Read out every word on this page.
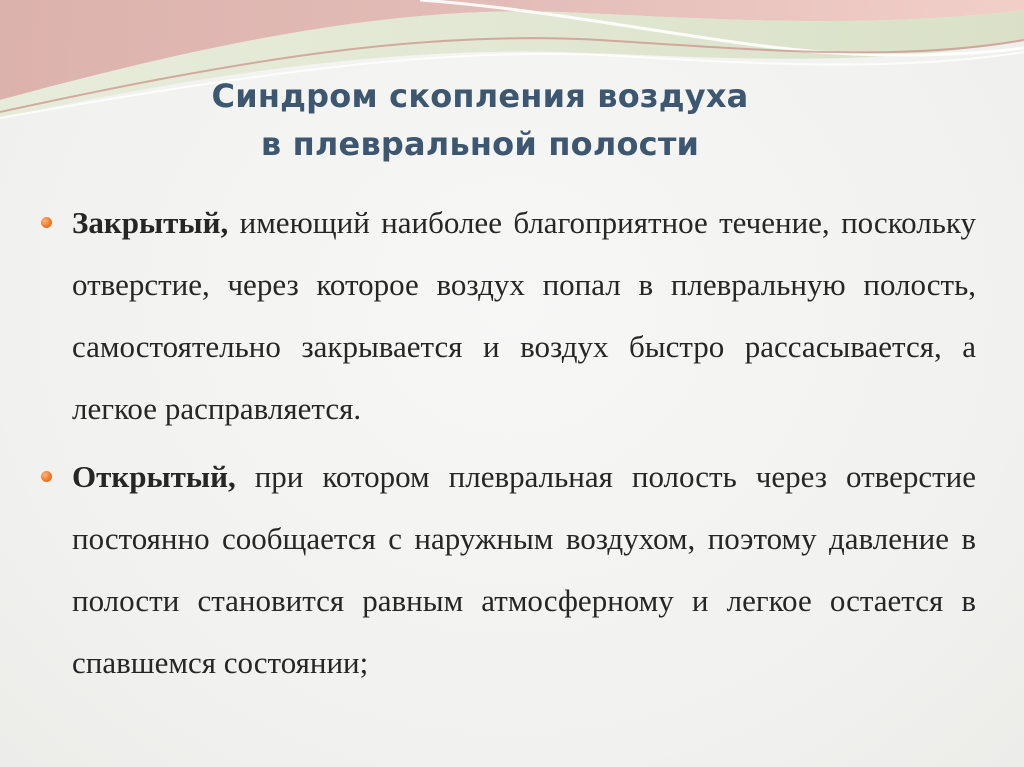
Синдром скопления воздуха
в плевральной полости
Закрытый, имеющий наиболее благоприятное течение, поскольку отверстие, через которое воздух попал в плевральную полость, самостоятельно закрывается и воздух быстро рассасывается, а легкое расправляется.
Открытый, при котором плевральная полость через отверстие постоянно сообщается с наружным воздухом, поэтому давление в полости становится равным атмосферному и легкое остается в спавшемся состоянии;
